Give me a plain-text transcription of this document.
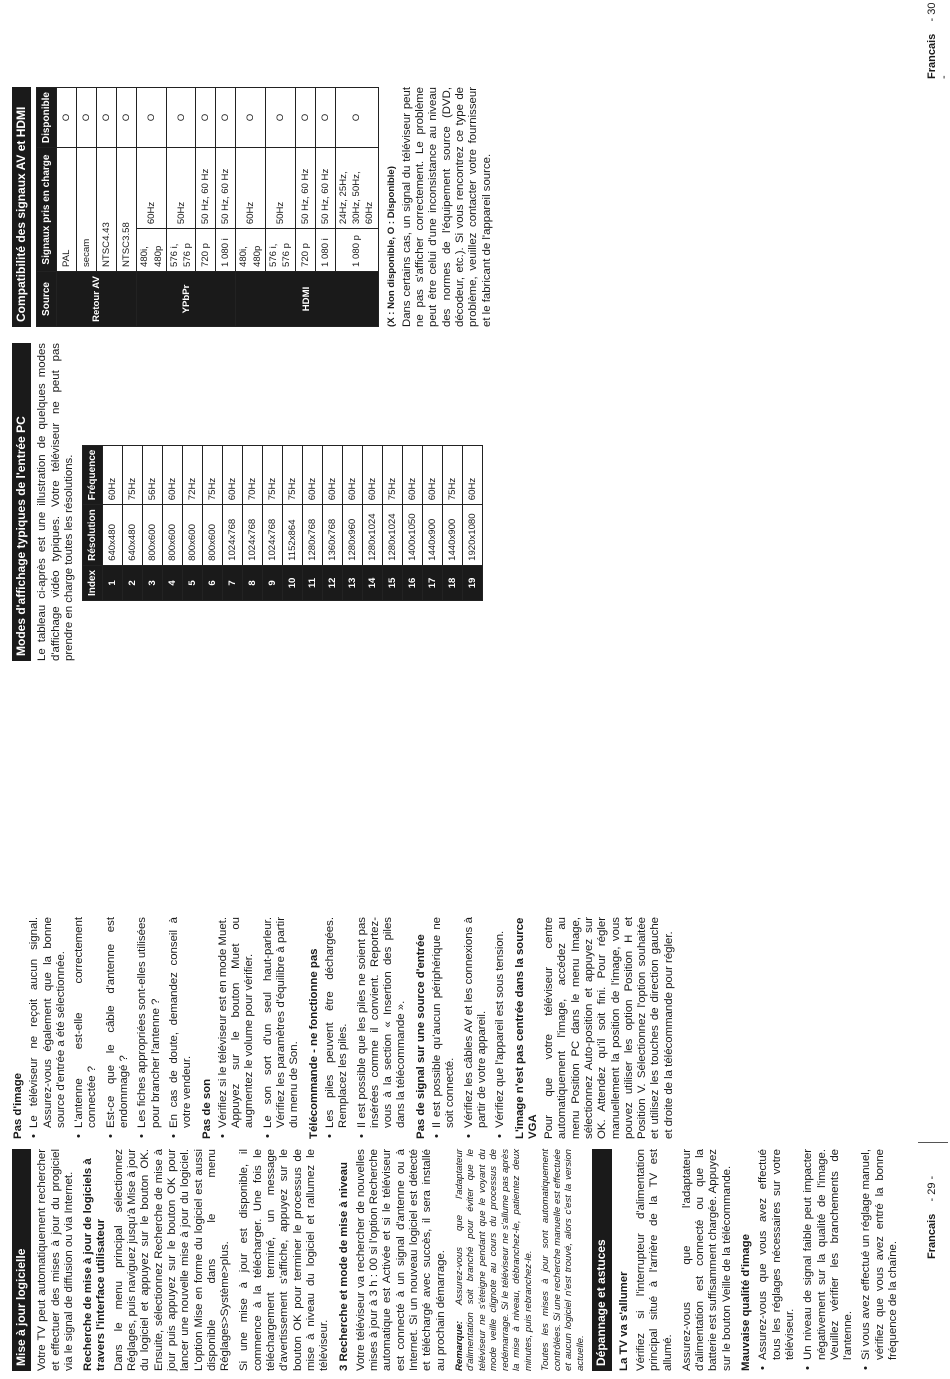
Mise à jour logicielle Votre TV peut automatiquement rechercher et effectuer des mises à jour du progiciel via le signal de diffusion ou via Internet. Recherche de mise à jour de logiciels à travers l'interface utilisateur Dans le menu principal sélectionnez Réglages, puis naviguez jusqu'à Mise à jour du logiciel et appuyez sur le bouton OK. Ensuite, sélectionnez Recherche de mise à jour puis appuyez sur le bouton OK pour lancer une nouvelle mise à jour du logiciel. L'option Mise en forme du logiciel est aussi disponible dans le menu Réglages>Système>plus. Si une mise à jour est disponible, il commence à la télécharger. Une fois le téléchargement terminé, un message d'avertissement s'affiche, appuyez sur le bouton OK pour terminer le processus de mise à niveau du logiciel et rallumez le téléviseur. 3 Recherche et mode de mise à niveau Votre téléviseur va rechercher de nouvelles mises à jour à 3 h : 00 si l'option Recherche automatique est Activée et si le téléviseur est connecté à un signal d'antenne ou à Internet. Si un nouveau logiciel est détecté et téléchargé avec succès, il sera installé au prochain démarrage. Remarque: Assurez-vous que l'adaptateur d'alimentation soit branché pour éviter que le téléviseur ne s'éteigne pendant que le voyant du mode veille clignote au cours du processus de redémarrage. Si le téléviseur ne s'allume pas après la mise à niveau, débranchez-le, patientez deux minutes, puis rebranchez-le. Toutes les mises à jour sont automatiquement contrôlées. Si une recherche manuelle est effectuée et aucun logiciel n'est trouvé, alors c'est la version actuelle. Dépannage et astuces La TV va s'allumer Vérifiez si l'interrupteur d'alimentation principal situé à l'arrière de la TV est allumé. Assurez-vous que l'adaptateur d'alimentation est connecté ou que la batterie est suffisamment chargée. Appuyez sur le bouton Veille de la télécommande. Mauvaise qualité d'image • Assurez-vous que vous avez effectué tous les réglages nécessaires sur votre téléviseur. • Un niveau de signal faible peut impacter négativement sur la qualité de l'image. Veuillez vérifier les branchements de l'antenne. • Si vous avez effectué un réglage manuel, vérifiez que vous avez entré la bonne fréquence de la chaîne.
Pas d'image • Le téléviseur ne reçoit aucun signal. Assurez-vous également que la bonne source d'entrée a été sélectionnée. • L'antenne est-elle correctement connectée ? • Est-ce que le câble d'antenne est endommagé ? • Les fiches appropriées sont-elles utilisées pour brancher l'antenne ? • En cas de doute, demandez conseil à votre vendeur. Pas de son • Vérifiez si le téléviseur est en mode Muet. Appuyez sur le bouton Muet ou augmentez le volume pour vérifier. • Le son sort d'un seul haut-parleur. Vérifiez les paramètres d'équilibre à partir du menu de Son. Télécommande - ne fonctionne pas • Les piles peuvent être déchargées. Remplacez les piles. • Il est possible que les piles ne soient pas insérées comme il convient. Reportez-vous à la section « Insertion des piles dans la télécommande ». Pas de signal sur une source d'entrée • Il est possible qu'aucun périphérique ne soit connecté. • Vérifiez les câbles AV et les connexions à partir de votre appareil. • Vérifiez que l'appareil est sous tension. L'image n'est pas centrée dans la source VGA Pour que votre téléviseur centre automatiquement l'image, accédez au menu Position PC dans le menu Image, sélectionnez Auto-position et appuyez sur OK. Attendez qu'il soit fini. Pour régler manuellement la position de l'image, vous pouvez utiliser les option Position H et Position V. Sélectionnez l'option souhaitée et utilisez les touches de direction gauche et droite de la télécommande pour régler.

Modes d'affichage typiques de l'entrée PC Le tableau ci-après est une illustration de quelques modes d'affichage vidéo typiques. Votre téléviseur ne peut pas prendre en charge toutes les résolutions. Index	Résolution	Fréquence
1	640x480	60Hz
2	640x480	75Hz
3	800x600	56Hz
4	800x600	60Hz
5	800x600	72Hz
6	800x600	75Hz
7	1024x768	60Hz
8	1024x768	70Hz
9	1024x768	75Hz
10	1152x864	75Hz
11	1280x768	60Hz
12	1360x768	60Hz
13	1280x960	60Hz
14	1280x1024	60Hz
15	1280x1024	75Hz
16	1400x1050	60Hz
17	1440x900	60Hz
18	1440x900	75Hz
19	1920x1080	60Hz
Compatibilité des signaux AV et HDMI	Source	Signaux pris en charge		Disponible
Retour AV	PAL		O
	secam		O
	NTSC4.43		O
	NTSC3.58		O
YPbPr	480i, 480p	60Hz	O
	576 i, 576 p	50Hz	O
	720 p	50 Hz, 60 Hz	O
	1 080 i	50 Hz, 60 Hz	O
HDMI	480i, 480p	60Hz	O
	576 i, 576 p	50Hz	O
	720 p	50 Hz, 60 Hz	O
	1 080 i	50 Hz, 60 Hz	O
	1 080 p	24Hz, 25Hz, 30Hz, 50Hz, 60Hz	O
(X : Non disponible, O : Disponible) Dans certains cas, un signal du téléviseur peut ne pas s'afficher correctement. Le problème peut être celui d'une inconsistance au niveau des normes de l'équipement source (DVD, décodeur, etc.). Si vous rencontrez ce type de problème, veuillez contacter votre fournisseur et le fabricant de l'appareil source.

Francais    - 29 -
Francais    - 30 -
